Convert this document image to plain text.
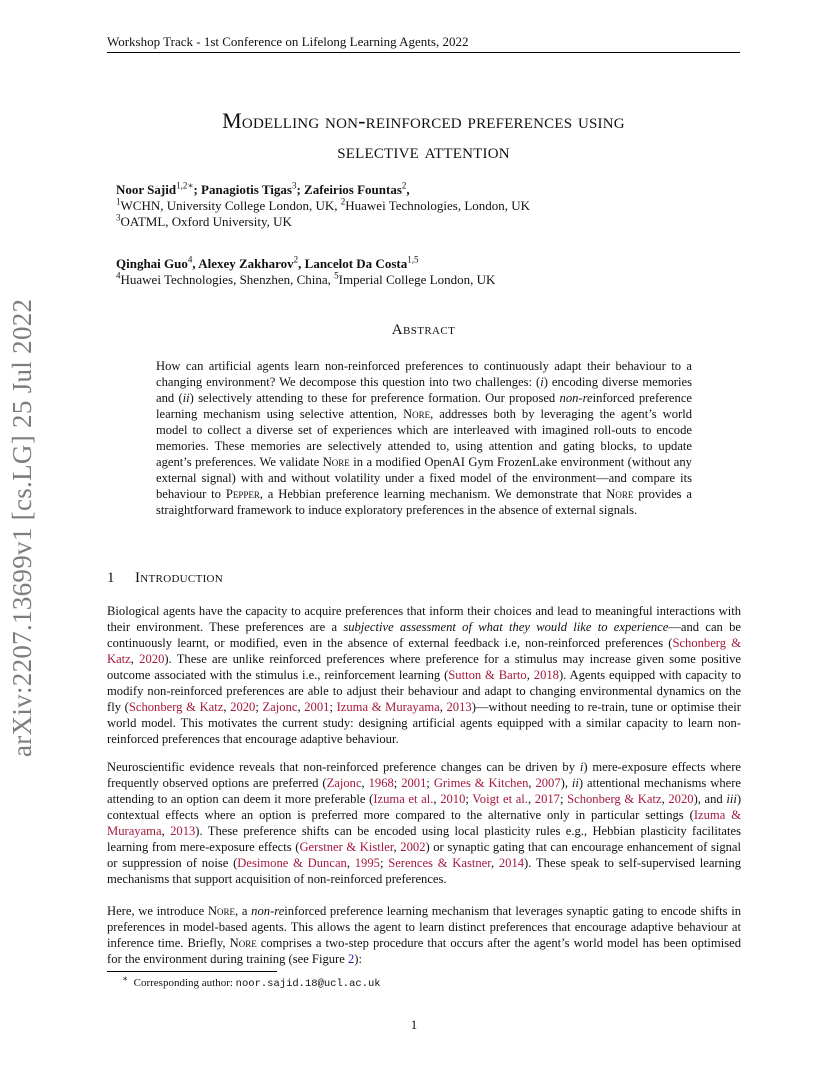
Workshop Track - 1st Conference on Lifelong Learning Agents, 2022
Modelling non-reinforced preferences using
selective attention
Noor Sajid$^{1,2∗}$; Panagiotis Tigas$^3$; Zafeirios Fountas$^2$,
$^1$WCHN, University College London, UK, $^2$Huawei Technologies, London, UK
$^3$OATML, Oxford University, UK
Qinghai Guo$^4$, Alexey Zakharov$^2$, Lancelot Da Costa$^{1,5}$
$^4$Huawei Technologies, Shenzhen, China, $^5$Imperial College London, UK
arXiv:2207.13699v1 [cs.LG] 25 Jul 2022	Abstract
How can artificial agents learn non-reinforced preferences to continuously adapt their behaviour to a changing environment? We decompose this question into two challenges: (i) encoding diverse memories and (ii) selectively attending to these for preference formation. Our proposed non-reinforced preference learning mechanism using selective attention, Nore, addresses both by leveraging the agent’s world model to collect a diverse set of experiences which are interleaved with imagined roll-outs to encode memories. These memories are selectively attended to, using attention and gating blocks, to update agent’s preferences. We validate Nore in a modified OpenAI Gym FrozenLake environment (without any external signal) with and without volatility under a fixed model of the environment—and compare its behaviour to Pepper, a Hebbian preference learning mechanism. We demonstrate that Nore provides a straightforward framework to induce exploratory preferences in the absence of external signals.
1 Introduction
Biological agents have the capacity to acquire preferences that inform their choices and lead to meaningful interactions with their environment. These preferences are a subjective assessment of what they would like to experience—and can be continuously learnt, or modified, even in the absence of external feedback i.e, non-reinforced preferences (Schonberg & Katz, 2020). These are unlike reinforced preferences where preference for a stimulus may increase given some positive outcome associated with the stimulus i.e., reinforcement learning (Sutton & Barto, 2018). Agents equipped with capacity to modify non-reinforced preferences are able to adjust their behaviour and adapt to changing environmental dynamics on the fly (Schonberg & Katz, 2020; Zajonc, 2001; Izuma & Murayama, 2013)—without needing to re-train, tune or optimise their world model. This motivates the current study: designing artificial agents equipped with a similar capacity to learn non-reinforced preferences that encourage adaptive behaviour.
Neuroscientific evidence reveals that non-reinforced preference changes can be driven by i) mere-exposure effects where frequently observed options are preferred (Zajonc, 1968; 2001; Grimes & Kitchen, 2007), ii) attentional mechanisms where attending to an option can deem it more preferable (Izuma et al., 2010; Voigt et al., 2017; Schonberg & Katz, 2020), and iii) contextual effects where an option is preferred more compared to the alternative only in particular settings (Izuma & Murayama, 2013). These preference shifts can be encoded using local plasticity rules e.g., Hebbian plasticity facilitates learning from mere-exposure effects (Gerstner & Kistler, 2002) or synaptic gating that can encourage enhancement of signal or suppression of noise (Desimone & Duncan, 1995; Serences & Kastner, 2014). These speak to self-supervised learning mechanisms that support acquisition of non-reinforced preferences.
Here, we introduce Nore, a non-reinforced preference learning mechanism that leverages synaptic gating to encode shifts in preferences in model-based agents. This allows the agent to learn distinct preferences that encourage adaptive behaviour at inference time. Briefly, Nore comprises a two-step procedure that occurs after the agent’s world model has been optimised for the environment during training (see Figure 2):
∗ Corresponding author: noor.sajid.18@ucl.ac.uk
1
